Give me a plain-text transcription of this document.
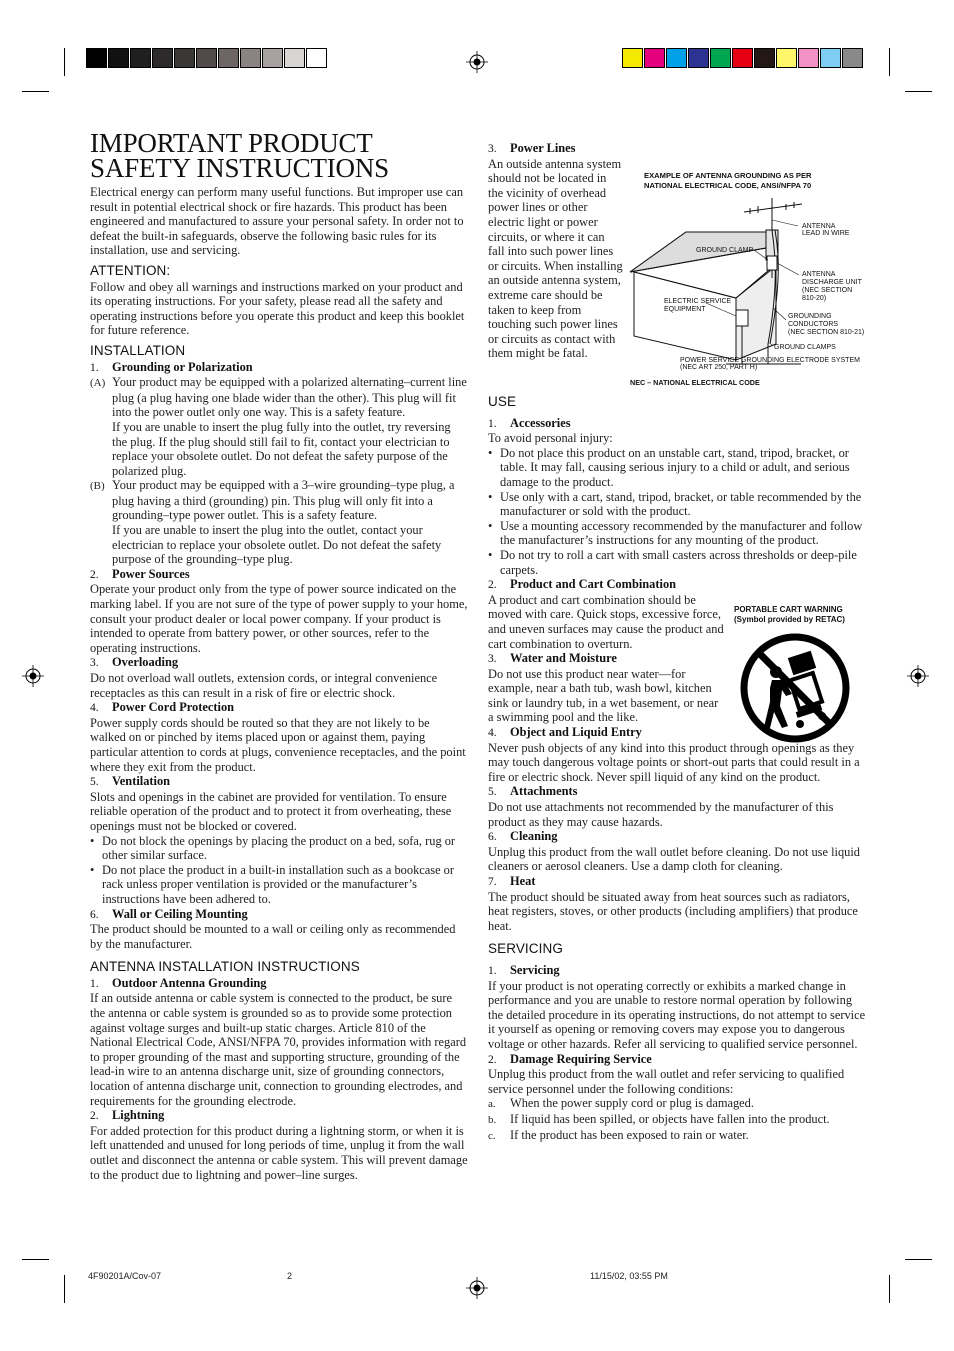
IMPORTANT PRODUCT SAFETY INSTRUCTIONS

Electrical energy can perform many useful functions. But improper use can result in potential electrical shock or fire hazards. This product has been engineered and manufactured to assure your personal safety. In order not to defeat the built-in safeguards, observe the following basic rules for its installation, use and servicing.

ATTENTION:

Follow and obey all warnings and instructions marked on your product and its operating instructions. For your safety, please read all the safety and operating instructions before you operate this product and keep this booklet for future reference.

INSTALLATION

1. Grounding or Polarization

(A) Your product may be equipped with a polarized alternating–current line plug (a plug having one blade wider than the other). This plug will fit into the power outlet only one way. This is a safety feature.

If you are unable to insert the plug fully into the outlet, try reversing the plug. If the plug should still fail to fit, contact your electrician to replace your obsolete outlet. Do not defeat the safety purpose of the polarized plug.

(B) Your product may be equipped with a 3–wire grounding–type plug, a plug having a third (grounding) pin. This plug will only fit into a grounding–type power outlet. This is a safety feature.

If you are unable to insert the plug into the outlet, contact your electrician to replace your obsolete outlet. Do not defeat the safety purpose of the grounding–type plug.

2. Power Sources

Operate your product only from the type of power source indicated on the marking label. If you are not sure of the type of power supply to your home, consult your product dealer or local power company. If your product is intended to operate from battery power, or other sources, refer to the operating instructions.

3. Overloading

Do not overload wall outlets, extension cords, or integral convenience receptacles as this can result in a risk of fire or electric shock.

4. Power Cord Protection

Power supply cords should be routed so that they are not likely to be walked on or pinched by items placed upon or against them, paying particular attention to cords at plugs, convenience receptacles, and the point where they exit from the product.

5. Ventilation

Slots and openings in the cabinet are provided for ventilation. To ensure reliable operation of the product and to protect it from overheating, these openings must not be blocked or covered.

• Do not block the openings by placing the product on a bed, sofa, rug or other similar surface.

• Do not place the product in a built-in installation such as a bookcase or rack unless proper ventilation is provided or the manufacturer’s instructions have been adhered to.

6. Wall or Ceiling Mounting

The product should be mounted to a wall or ceiling only as recommended by the manufacturer.

ANTENNA INSTALLATION INSTRUCTIONS

1. Outdoor Antenna Grounding

If an outside antenna or cable system is connected to the product, be sure the antenna or cable system is grounded so as to provide some protection against voltage surges and built-up static charges. Article 810 of the National Electrical Code, ANSI/NFPA 70, provides information with regard to proper grounding of the mast and supporting structure, grounding of the lead-in wire to an antenna discharge unit, size of grounding connectors, location of antenna discharge unit, connection to grounding electrodes, and requirements for the grounding electrode.

2. Lightning

For added protection for this product during a lightning storm, or when it is left unattended and unused for long periods of time, unplug it from the wall outlet and disconnect the antenna or cable system. This will prevent damage to the product due to lightning and power–line surges.

3. Power Lines

An outside antenna system should not be located in the vicinity of overhead power lines or other electric light or power circuits, or where it can fall into such power lines or circuits. When installing an outside antenna system, extreme care should be taken to keep from touching such power lines or circuits as contact with them might be fatal.

EXAMPLE OF ANTENNA GROUNDING AS PER
NATIONAL ELECTRICAL CODE, ANSI/NFPA 70
ANTENNA
LEAD IN WIRE
GROUND CLAMP
ANTENNA
DISCHARGE UNIT
(NEC SECTION
810-20)
ELECTRIC SERVICE
EQUIPMENT
GROUNDING
CONDUCTORS
(NEC SECTION 810-21)
GROUND CLAMPS
POWER SERVICE GROUNDING ELECTRODE SYSTEM
(NEC ART 250, PART H)
NEC – NATIONAL ELECTRICAL CODE
USE

1. Accessories

To avoid personal injury:

• Do not place this product on an unstable cart, stand, tripod, bracket, or table. It may fall, causing serious injury to a child or adult, and serious damage to the product.

• Use only with a cart, stand, tripod, bracket, or table recommended by the manufacturer or sold with the product.

• Use a mounting accessory recommended by the manufacturer and follow the manufacturer’s instructions for any mounting of the product.

• Do not try to roll a cart with small casters across thresholds or deep-pile carpets.

2. Product and Cart Combination

A product and cart combination should be moved with care. Quick stops, excessive force, and uneven surfaces may cause the product and cart combination to overturn.

3. Water and Moisture

Do not use this product near water—for example, near a bath tub, wash bowl, kitchen sink or laundry tub, in a wet basement, or near a swimming pool and the like.

4. Object and Liquid Entry

Never push objects of any kind into this product through openings as they may touch dangerous voltage points or short-out parts that could result in a fire or electric shock. Never spill liquid of any kind on the product.

5. Attachments

Do not use attachments not recommended by the manufacturer of this product as they may cause hazards.

6. Cleaning

Unplug this product from the wall outlet before cleaning. Do not use liquid cleaners or aerosol cleaners. Use a damp cloth for cleaning.

7. Heat

The product should be situated away from heat sources such as radiators, heat registers, stoves, or other products (including amplifiers) that produce heat.

SERVICING

1. Servicing

If your product is not operating correctly or exhibits a marked change in performance and you are unable to restore normal operation by following the detailed procedure in its operating instructions, do not attempt to service it yourself as opening or removing covers may expose you to dangerous voltage or other hazards. Refer all servicing to qualified service personnel.

2. Damage Requiring Service

Unplug this product from the wall outlet and refer servicing to qualified service personnel under the following conditions:

a. When the power supply cord or plug is damaged.

b. If liquid has been spilled, or objects have fallen into the product.

c. If the product has been exposed to rain or water.

PORTABLE CART WARNING
(Symbol provided by RETAC)
4F90201A/Cov-07	2	11/15/02, 03:55 PM
